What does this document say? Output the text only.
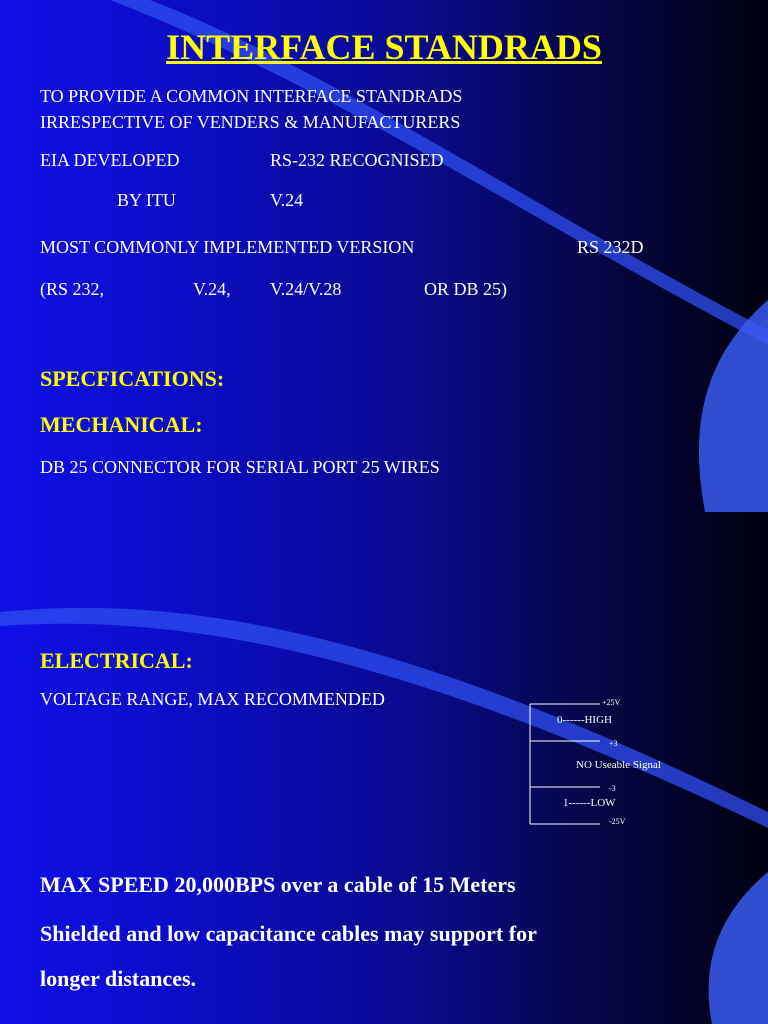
INTERFACE STANDRADS
TO PROVIDE A COMMON INTERFACE STANDRADS
IRRESPECTIVE OF VENDERS & MANUFACTURERS
EIA DEVELOPED	RS-232 RECOGNISED
BY ITU	V.24
MOST COMMONLY IMPLEMENTED VERSION	RS 232D
(RS 232,	V.24, V.24/V.28	OR DB 25)
SPECFICATIONS:
MECHANICAL:
DB 25 CONNECTOR FOR SERIAL PORT 25 WIRES
ELECTRICAL:
VOLTAGE RANGE, MAX RECOMMENDED	+25V
0------HIGH
+3
NO Useable Signal
-3
1------LOW
-25V
MAX SPEED 20,000BPS over a cable of 15 Meters
Shielded and low capacitance cables may support for
longer distances.
